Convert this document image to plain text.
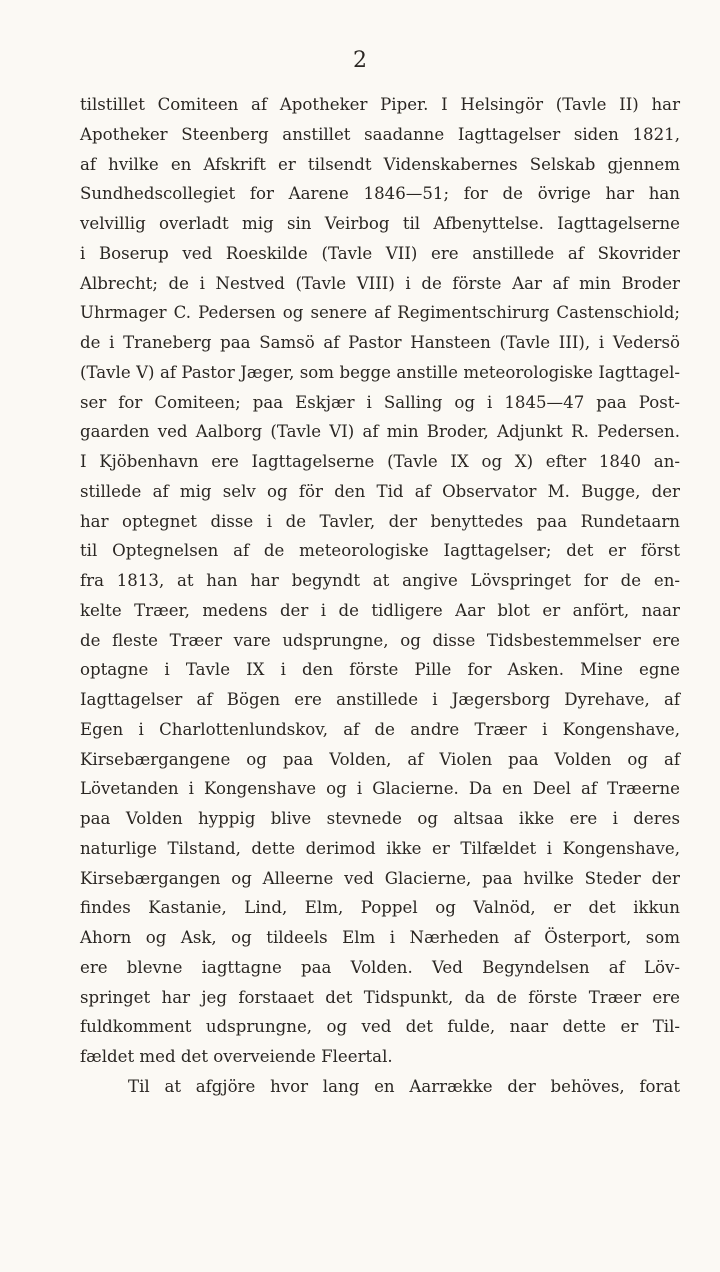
2
tilstillet Comiteen af Apotheker Piper. I Helsingör (Tavle II) har
Apotheker Steenberg anstillet saadanne Iagttagelser siden 1821,
af hvilke en Afskrift er tilsendt Videnskabernes Selskab gjennem
Sundhedscollegiet for Aarene 1846—51; for de övrige har han
velvillig overladt mig sin Veirbog til Afbenyttelse. Iagttagelserne
i Boserup ved Roeskilde (Tavle VII) ere anstillede af Skovrider
Albrecht; de i Nestved (Tavle VIII) i de förste Aar af min Broder
Uhrmager C. Pedersen og senere af Regimentschirurg Castenschiold;
de i Traneberg paa Samsö af Pastor Hansteen (Tavle III), i Vedersö
(Tavle V) af Pastor Jæger, som begge anstille meteorologiske Iagttagel-
ser for Comiteen; paa Eskjær i Salling og i 1845—47 paa Post-
gaarden ved Aalborg (Tavle VI) af min Broder, Adjunkt R. Pedersen.
I Kjöbenhavn ere Iagttagelserne (Tavle IX og X) efter 1840 an-
stillede af mig selv og för den Tid af Observator M. Bugge, der
har optegnet disse i de Tavler, der benyttedes paa Rundetaarn
til Optegnelsen af de meteorologiske Iagttagelser; det er först
fra 1813, at han har begyndt at angive Lövspringet for de en-
kelte Træer, medens der i de tidligere Aar blot er anfört, naar
de fleste Træer vare udsprungne, og disse Tidsbestemmelser ere
optagne i Tavle IX i den förste Pille for Asken. Mine egne
Iagttagelser af Bögen ere anstillede i Jægersborg Dyrehave, af
Egen i Charlottenlundskov, af de andre Træer i Kongenshave,
Kirsebærgangene og paa Volden, af Violen paa Volden og af
Lövetanden i Kongenshave og i Glacierne. Da en Deel af Træerne
paa Volden hyppig blive stevnede og altsaa ikke ere i deres
naturlige Tilstand, dette derimod ikke er Tilfældet i Kongenshave,
Kirsebærgangen og Alleerne ved Glacierne, paa hvilke Steder der
findes Kastanie, Lind, Elm, Poppel og Valnöd, er det ikkun
Ahorn og Ask, og tildeels Elm i Nærheden af Österport, som
ere blevne iagttagne paa Volden. Ved Begyndelsen af Löv-
springet har jeg forstaaet det Tidspunkt, da de förste Træer ere
fuldkomment udsprungne, og ved det fulde, naar dette er Til-
fældet med det overveiende Fleertal.
Til at afgjöre hvor lang en Aarrække der behöves, forat
